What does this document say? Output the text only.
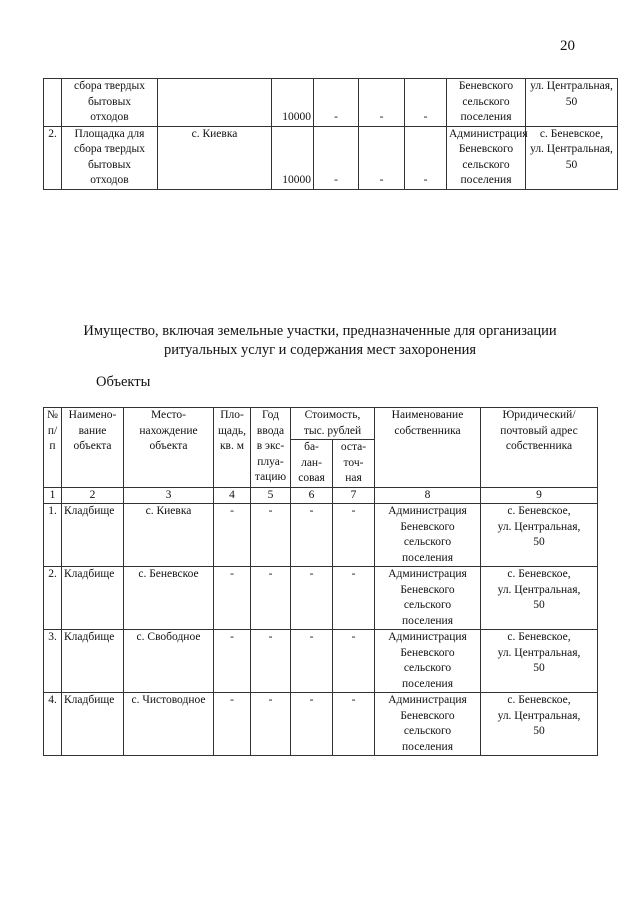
20

	сбора твердых
бытовых
отходов		10000	-	-	-	Беневского
сельского
поселения	ул. Центральная,
50

2.	Площадка для
сбора твердых
бытовых
отходов	с. Киевка	10000	-	-	-	Администрация
Беневского
сельского
поселения	с. Беневское,
ул. Центральная,
50
Имущество, включая земельные участки, предназначенные для организации
ритуальных услуг и содержания мест захоронения
Объекты
№
п/п	Наимено-
вание
объекта	Место-
нахождение
объекта	Пло-
щадь,
кв. м	Год
ввода
в экс-
плуа-
тацию	Стоимость,
тыс. рублей		Наименование
собственника	Юридический/
почтовый адрес
собственника

					ба-
лан-
совая	оста-
точ-
ная		

1	2	3	4	5	6	7	8	9
1.	Кладбище	с. Киевка	-	-	-	-	Администрация
Беневского
сельского
поселения	с. Беневское,
ул. Центральная,
50

2.	Кладбище	с. Беневское	-	-	-	-	Администрация
Беневского
сельского
поселения	с. Беневское,
ул. Центральная,
50

3.	Кладбище	с. Свободное	-	-	-	-	Администрация
Беневского
сельского
поселения	с. Беневское,
ул. Центральная,
50

4.	Кладбище	с. Чистоводное	-	-	-	-	Администрация
Беневского
сельского
поселения	с. Беневское,
ул. Центральная,
50
